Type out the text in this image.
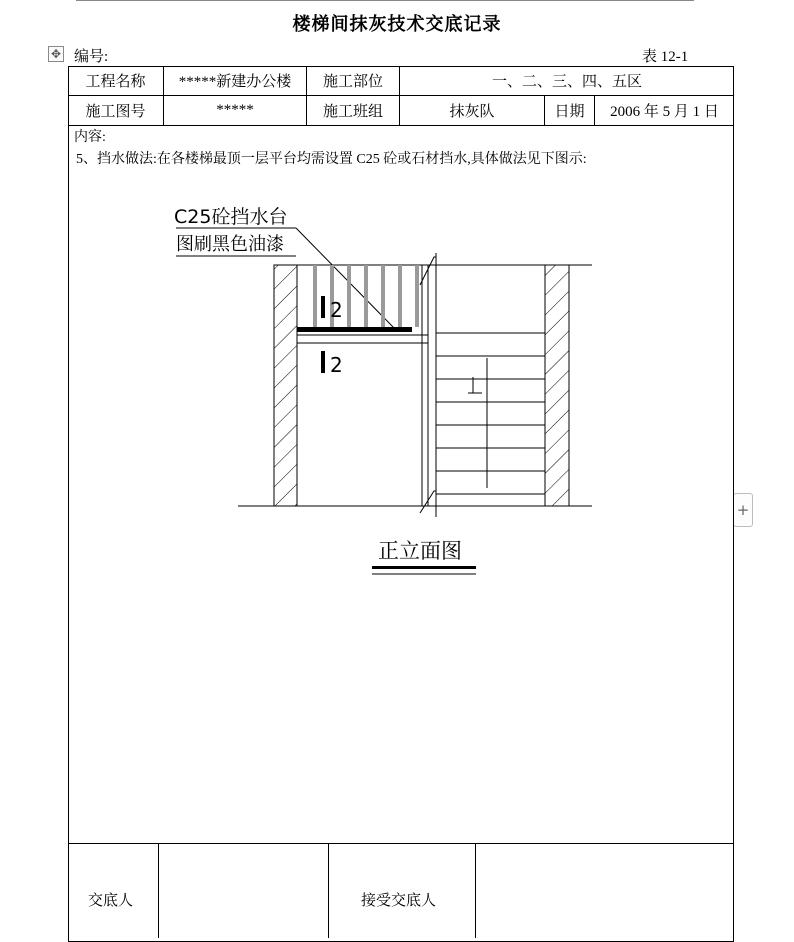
楼梯间抹灰技术交底记录
✥ 编号:	表 12-1
+
工程名称	*****新建办公楼	施工部位	一、二、三、四、五区
施工图号	*****	施工班组	抹灰队	日期	2006 年 5 月 1 日
内容:
5、挡水做法:在各楼梯最顶一层平台均需设置 C25 砼或石材挡水,具体做法见下图示:
C25砼挡水台
图刷黑色油漆
2
2
正立面图
交底人	接受交底人
